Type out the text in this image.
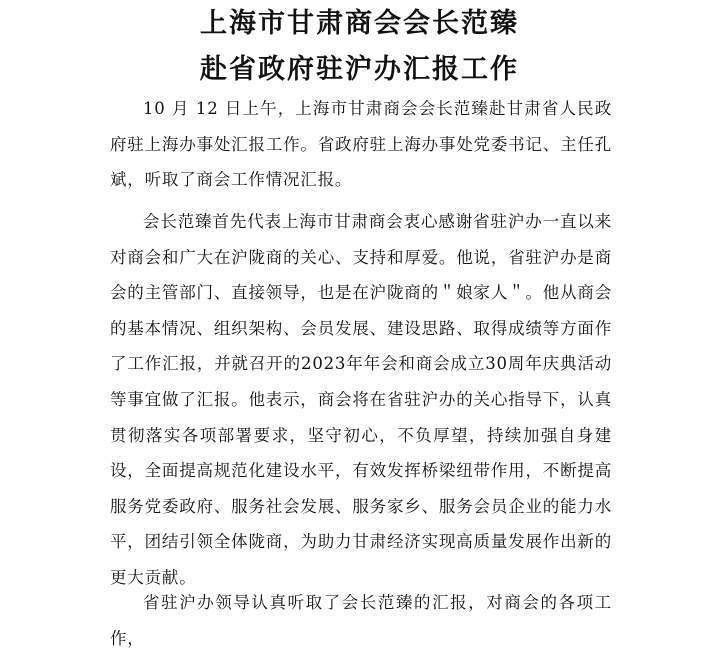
上海市甘肃商会会长范臻
赴省政府驻沪办汇报工作

10 月 12 日上午，上海市甘肃商会会长范臻赴甘肃省人民政府驻上海办事处汇报工作。省政府驻上海办事处党委书记、主任孔斌，听取了商会工作情况汇报。

会长范臻首先代表上海市甘肃商会衷心感谢省驻沪办一直以来对商会和广大在沪陇商的关心、支持和厚爱。他说，省驻沪办是商会的主管部门、直接领导，也是在沪陇商的＂娘家人＂。他从商会的基本情况、组织架构、会员发展、建设思路、取得成绩等方面作了工作汇报，并就召开的2023年年会和商会成立30周年庆典活动等事宜做了汇报。他表示，商会将在省驻沪办的关心指导下，认真贯彻落实各项部署要求，坚守初心，不负厚望，持续加强自身建设，全面提高规范化建设水平，有效发挥桥梁纽带作用，不断提高服务党委政府、服务社会发展、服务家乡、服务会员企业的能力水平，团结引领全体陇商，为助力甘肃经济实现高质量发展作出新的更大贡献。

省驻沪办领导认真听取了会长范臻的汇报，对商会的各项工作，
